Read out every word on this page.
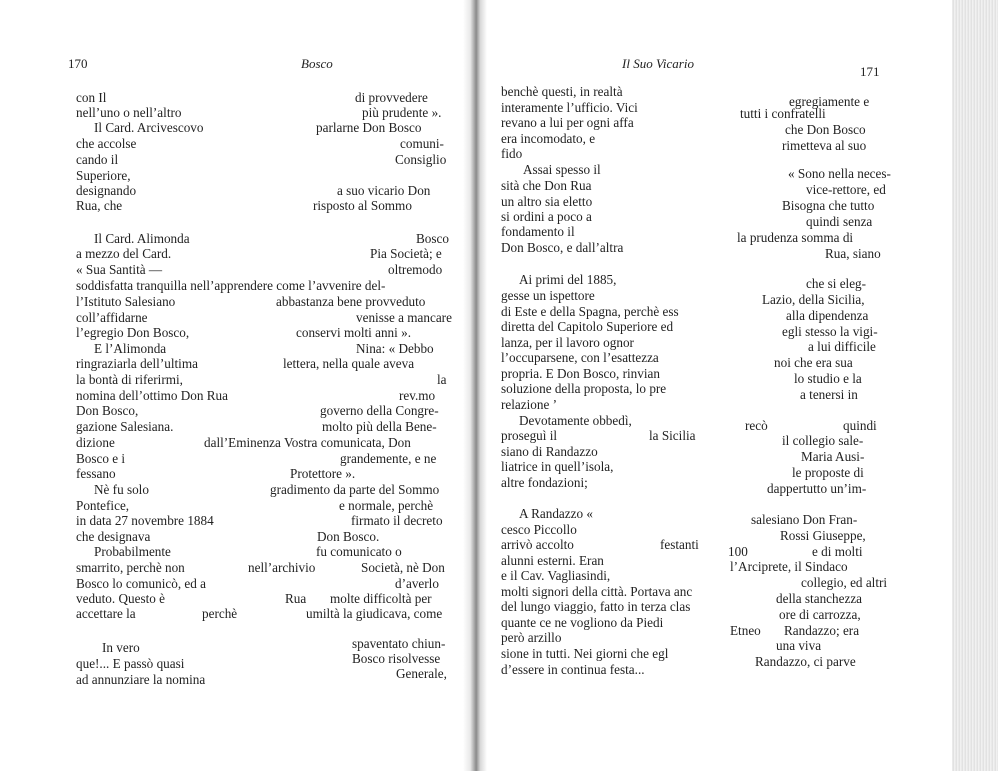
170	Bosco
con Il	di provvedere
nell’uno o nell’altro	più prudente ».
Il Card. Arcivescovo	parlarne Don Bosco
che accolse	comuni-
cando il	Consiglio
Superiore,
designando	a suo vicario Don
Rua, che	risposto al Sommo
Il Card. Alimonda	Bosco
a mezzo del Card.	Pia Società; e
« Sua Santità —	oltremodo
soddisfatta tranquilla nell’apprendere come l’avvenire del-
l’Istituto Salesiano	abbastanza bene provveduto
coll’affidarne	venisse a mancare
l’egregio Don Bosco,	conservi molti anni ».
E l’Alimonda	Nina: « Debbo
ringraziarla dell’ultima	lettera, nella quale aveva
la bontà di riferirmi,	la
nomina dell’ottimo Don Rua	rev.mo
Don Bosco,	governo della Congre-
gazione Salesiana.	molto più della Bene-
dizione	dall’Eminenza Vostra comunicata, Don
Bosco e i	grandemente, e ne
fessano	Protettore ».
Nè fu solo	gradimento da parte del Sommo
Pontefice,	e normale, perchè
in data 27 novembre 1884	firmato il decreto
che designava	Don Bosco.
Probabilmente	fu comunicato o
smarrito, perchè non	nell’archivio	Società, nè Don
Bosco lo comunicò, ed a	d’averlo
veduto. Questo è	Rua molte difficoltà per
accettare la	perchè	umiltà la giudicava, come
spaventato chiun-
In vero
Bosco risolvesse
que!... E passò quasi
Generale,
ad annunziare la nomina
171
Il Suo Vicario
benchè questi, in realtà
egregiamente e
interamente l’ufficio. Vici	tutti i confratelli
revano a lui per ogni affa	che Don Bosco
era incomodato, e	rimetteva al suo
fido
Assai spesso il	« Sono nella neces-
sità che Don Rua	vice-rettore, ed
un altro sia eletto	Bisogna che tutto
si ordini a poco a	quindi senza
fondamento il	la prudenza somma di
Don Bosco, e dall’altra	Rua, siano
Ai primi del 1885,	che si eleg-
gesse un ispettore	Lazio, della Sicilia,
di Este e della Spagna, perchè ess	alla dipendenza
diretta del Capitolo Superiore ed	egli stesso la vigi-
lanza, per il lavoro ognor	a lui difficile
l’occuparsene, con l’esattezza	noi che era sua
propria. E Don Bosco, rinvian	lo studio e la
soluzione della proposta, lo pre	a tenersi in
relazione ’
Devotamente obbedì,	recò	quindi
proseguì il	la Sicilia	il collegio sale-
siano di Randazzo	Maria Ausi-
liatrice in quell’isola,	le proposte di
altre fondazioni;	dappertutto un’im-
A Randazzo «	salesiano Don Fran-
cesco Piccollo	Rossi Giuseppe,
arrivò accolto	festanti 100	e di molti
alunni esterni. Eran	l’Arciprete, il Sindaco
e il Cav. Vagliasindi,	collegio, ed altri
molti signori della città. Portava anc	della stanchezza
del lungo viaggio, fatto in terza clas
ore di carrozza,
quante ce ne vogliono da Piedi
Etneo Randazzo; era
però arzillo
una viva
sione in tutti. Nei giorni che egl
Randazzo, ci parve
d’essere in continua festa...
